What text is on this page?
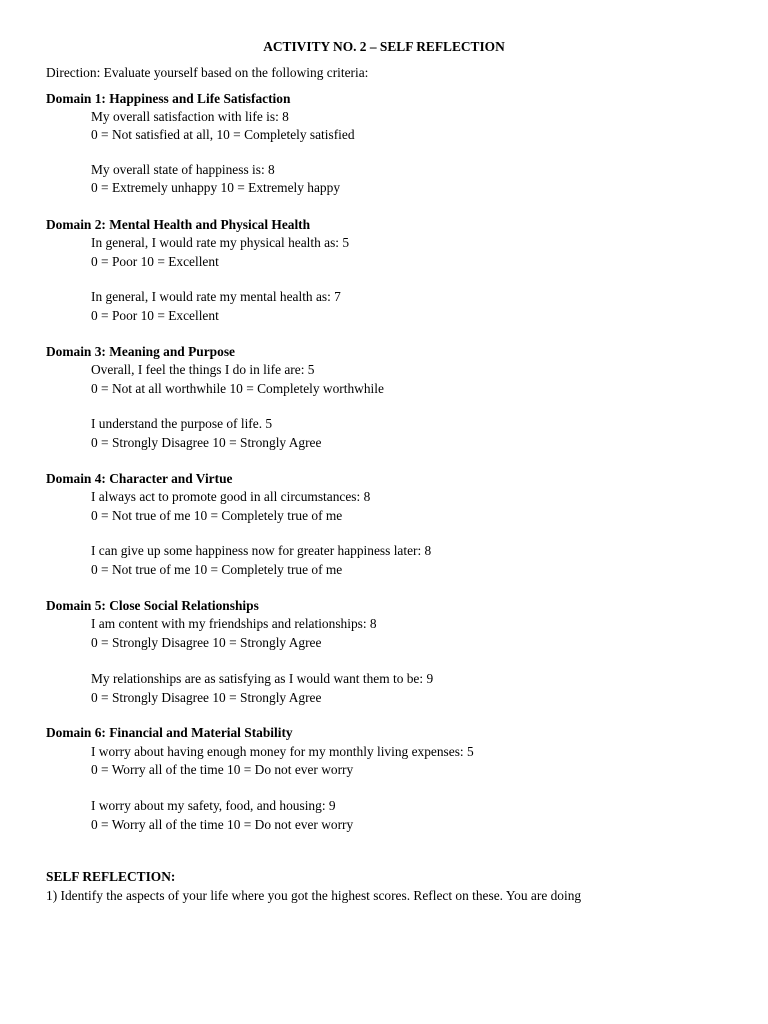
ACTIVITY NO. 2 – SELF REFLECTION
Direction: Evaluate yourself based on the following criteria:
Domain 1: Happiness and Life Satisfaction
My overall satisfaction with life is: 8
0 = Not satisfied at all, 10 = Completely satisfied
My overall state of happiness is: 8
0 = Extremely unhappy 10 = Extremely happy
Domain 2: Mental Health and Physical Health
In general, I would rate my physical health as: 5
0 = Poor 10 = Excellent
In general, I would rate my mental health as: 7
0 = Poor 10 = Excellent
Domain 3: Meaning and Purpose
Overall, I feel the things I do in life are: 5
0 = Not at all worthwhile 10 = Completely worthwhile
I understand the purpose of life. 5
0 = Strongly Disagree 10 = Strongly Agree
Domain 4: Character and Virtue
I always act to promote good in all circumstances: 8
0 = Not true of me 10 = Completely true of me
I can give up some happiness now for greater happiness later: 8
0 = Not true of me 10 = Completely true of me
Domain 5: Close Social Relationships
I am content with my friendships and relationships: 8
0 = Strongly Disagree 10 = Strongly Agree
My relationships are as satisfying as I would want them to be: 9
0 = Strongly Disagree 10 = Strongly Agree
Domain 6: Financial and Material Stability
I worry about having enough money for my monthly living expenses: 5
0 = Worry all of the time 10 = Do not ever worry
I worry about my safety, food, and housing: 9
0 = Worry all of the time 10 = Do not ever worry
SELF REFLECTION:
1) Identify the aspects of your life where you got the highest scores. Reflect on these. You are doing
